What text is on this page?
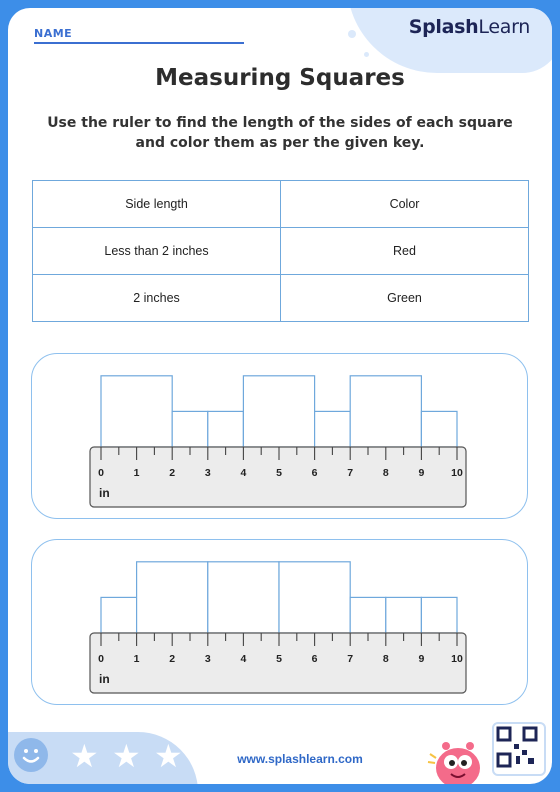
NAME	SplashLearn
Measuring Squares
Use the ruler to find the length of the sides of each square and color them as per the given key.
Side length	Color
Less than 2 inches	Red
2 inches	Green
0	1	2	3	4	5	6	7	8	9	10
in
0	1	2	3	4	5	6	7	8	9	10
in
★ ★ ★	www.splashlearn.com
